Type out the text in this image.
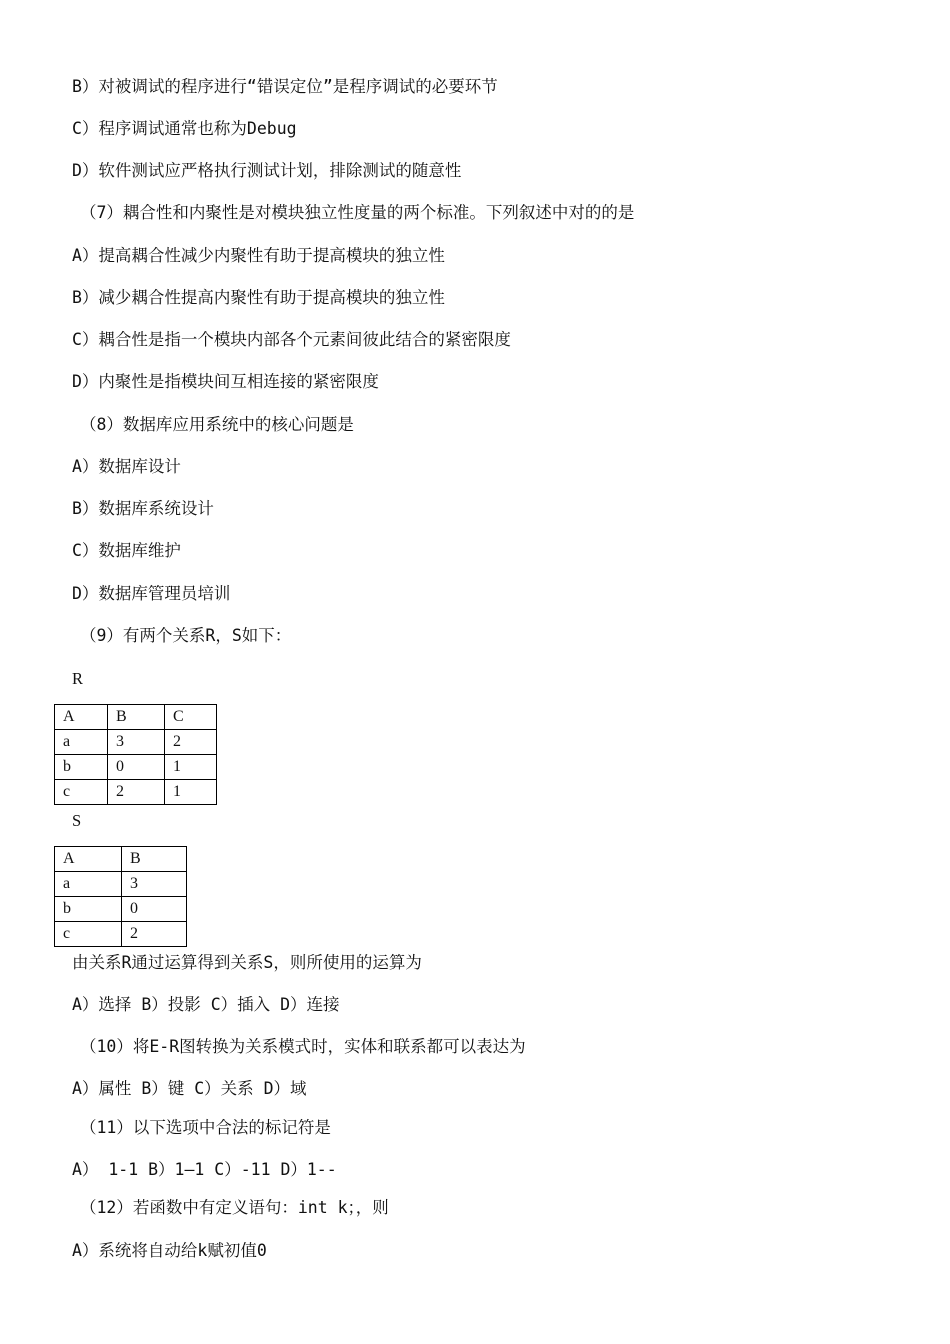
B）对被调试的程序进行“错误定位”是程序调试的必要环节
C）程序调试通常也称为Debug
D）软件测试应严格执行测试计划，排除测试的随意性
（7）耦合性和内聚性是对模块独立性度量的两个标准。下列叙述中对的的是
A）提高耦合性减少内聚性有助于提高模块的独立性
B）减少耦合性提高内聚性有助于提高模块的独立性
C）耦合性是指一个模块内部各个元素间彼此结合的紧密限度
D）内聚性是指模块间互相连接的紧密限度
（8）数据库应用系统中的核心问题是
A）数据库设计
B）数据库系统设计
C）数据库维护
D）数据库管理员培训
（9）有两个关系R，S如下：
R
A	B	C
a	3	2
b	0	1
c	2	1
S
A	B
a	3
b	0
c	2
由关系R通过运算得到关系S，则所使用的运算为
A）选择 B）投影 C）插入 D）连接
（10）将E-R图转换为关系模式时，实体和联系都可以表达为
A）属性 B）键 C）关系 D）域
（11）以下选项中合法的标记符是
A） 1-1 B）1—1 C）-11 D）1--
（12）若函数中有定义语句：int k；，则
A）系统将自动给k赋初值0
